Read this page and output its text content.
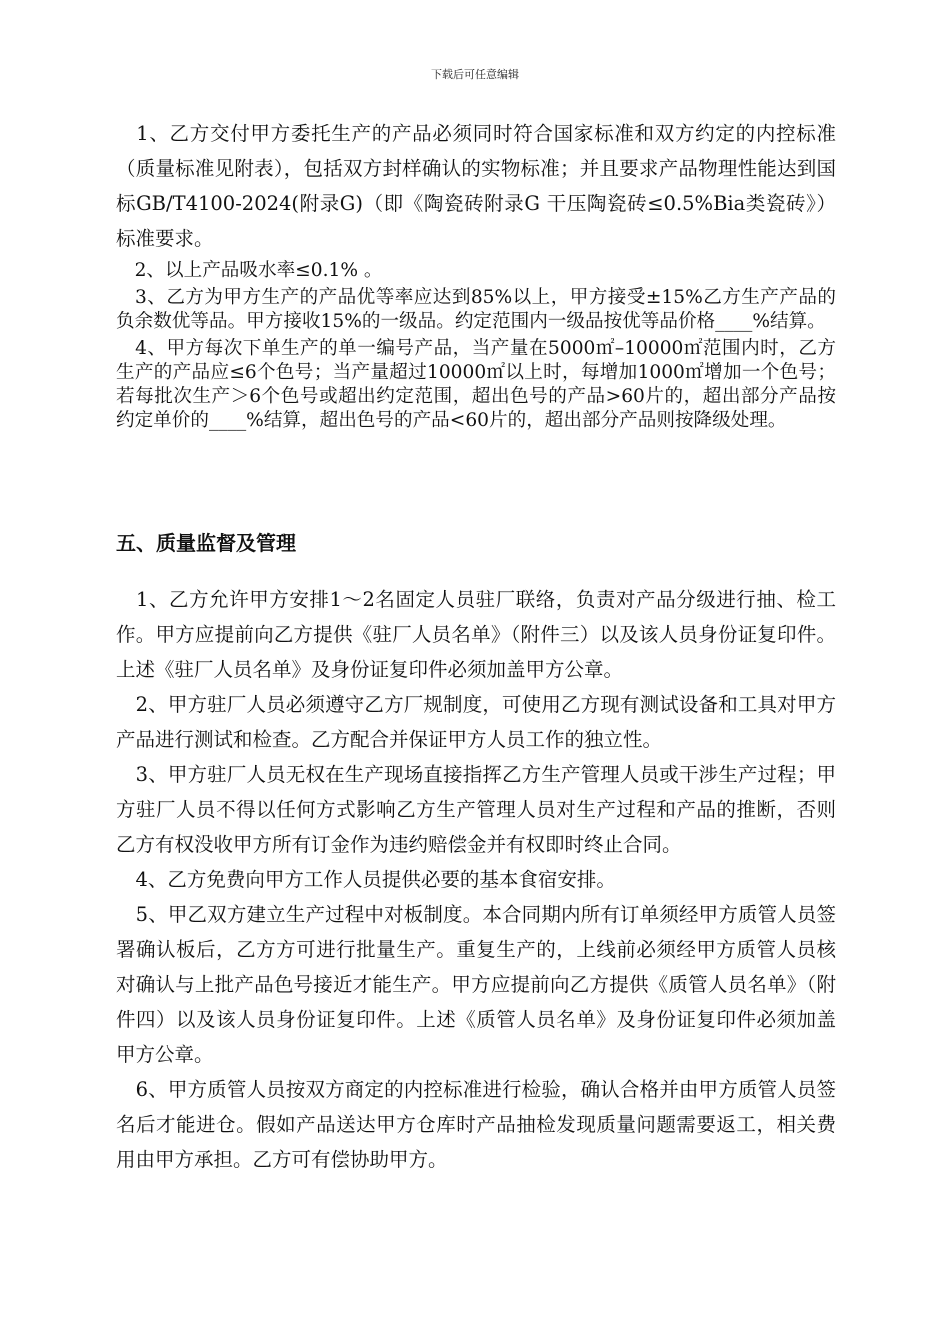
下载后可任意编辑

　1、乙方交付甲方委托生产的产品必须同时符合国家标准和双方约定的内控标准（质量标准见附表），包括双方封样确认的实物标准；并且要求产品物理性能达到国标GB/T4100-2024(附录G)（即《陶瓷砖附录G 干压陶瓷砖≤0.5%Bia类瓷砖》）标准要求。

　2、以上产品吸水率≤0.1% 。

　3、乙方为甲方生产的产品优等率应达到85%以上，甲方接受±15%乙方生产产品的负余数优等品。甲方接收15%的一级品。约定范围内一级品按优等品价格____%结算。

　4、甲方每次下单生产的单一编号产品，当产量在5000㎡–10000㎡范围内时，乙方生产的产品应≤6个色号；当产量超过10000㎡以上时，每增加1000㎡增加一个色号；若每批次生产＞6个色号或超出约定范围，超出色号的产品>60片的，超出部分产品按约定单价的____%结算，超出色号的产品<60片的，超出部分产品则按降级处理。

五、质量监督及管理

　1、乙方允许甲方安排1～2名固定人员驻厂联络，负责对产品分级进行抽、检工作。甲方应提前向乙方提供《驻厂人员名单》（附件三）以及该人员身份证复印件。上述《驻厂人员名单》及身份证复印件必须加盖甲方公章。

　2、甲方驻厂人员必须遵守乙方厂规制度，可使用乙方现有测试设备和工具对甲方产品进行测试和检查。乙方配合并保证甲方人员工作的独立性。

　3、甲方驻厂人员无权在生产现场直接指挥乙方生产管理人员或干涉生产过程；甲方驻厂人员不得以任何方式影响乙方生产管理人员对生产过程和产品的推断，否则乙方有权没收甲方所有订金作为违约赔偿金并有权即时终止合同。

　4、乙方免费向甲方工作人员提供必要的基本食宿安排。

　5、甲乙双方建立生产过程中对板制度。本合同期内所有订单须经甲方质管人员签署确认板后，乙方方可进行批量生产。重复生产的，上线前必须经甲方质管人员核对确认与上批产品色号接近才能生产。甲方应提前向乙方提供《质管人员名单》（附件四）以及该人员身份证复印件。上述《质管人员名单》及身份证复印件必须加盖甲方公章。

　6、甲方质管人员按双方商定的内控标准进行检验，确认合格并由甲方质管人员签名后才能进仓。假如产品送达甲方仓库时产品抽检发现质量问题需要返工，相关费用由甲方承担。乙方可有偿协助甲方。
